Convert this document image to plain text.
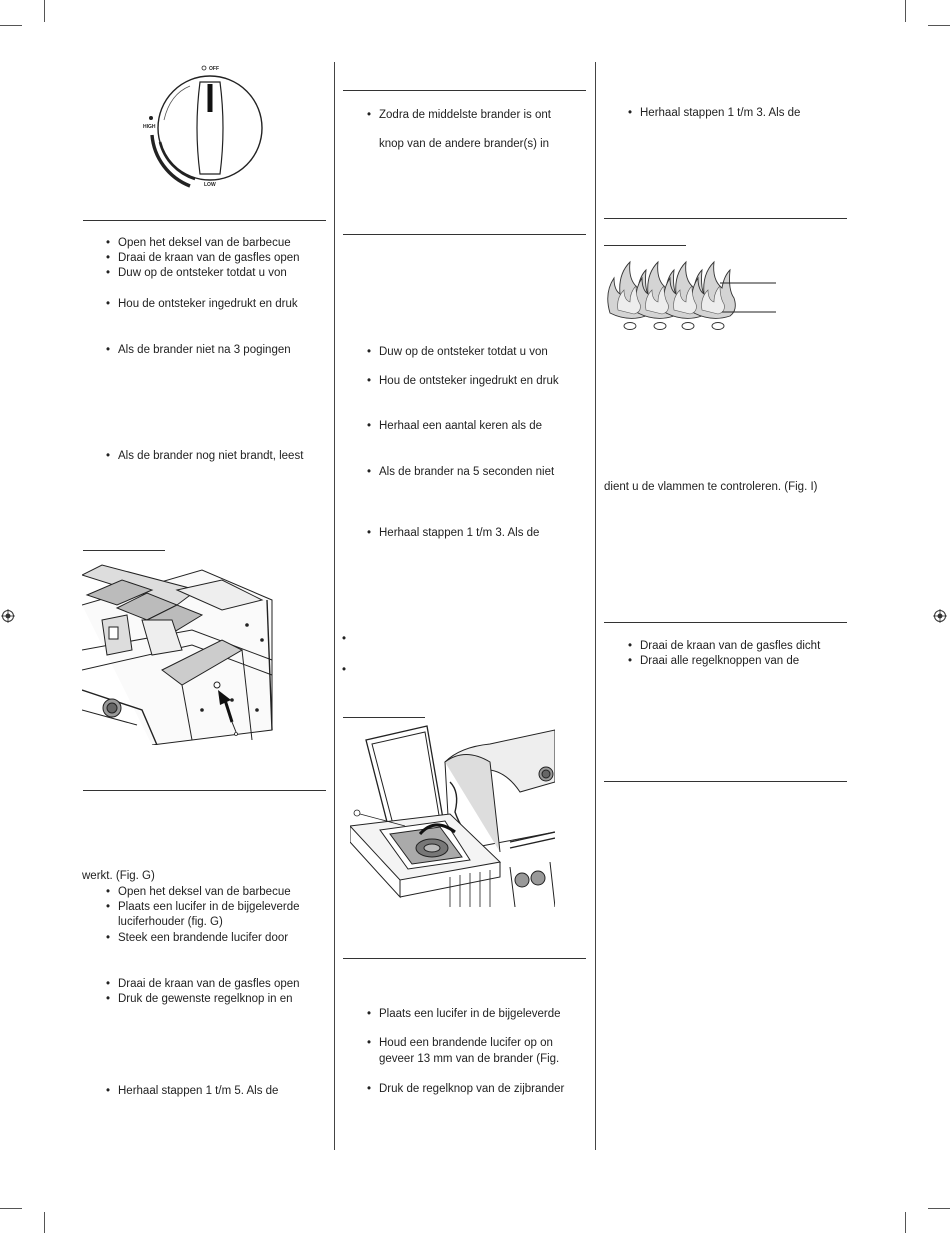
OFF
HIGH
LOW
• Open het deksel van de barbecue
• Draai de kraan van de gasfles open
• Duw op de ontsteker totdat u von
• Hou de ontsteker ingedrukt en druk
• Als de brander niet na 3 pogingen
• Als de brander nog niet brandt, leest
werkt. (Fig. G)
• Open het deksel van de barbecue
• Plaats een lucifer in de bijgeleverde
luciferhouder (fig. G)
• Steek een brandende lucifer door
• Draai de kraan van de gasfles open
• Druk de gewenste regelknop in en
• Herhaal stappen 1 t/m 5. Als de
• Zodra de middelste brander is ont
knop van de andere brander(s) in
• Duw op de ontsteker totdat u von
• Hou de ontsteker ingedrukt en druk
• Herhaal een aantal keren als de
• Als de brander na 5 seconden niet
• Herhaal stappen 1 t/m 3. Als de
•
•
• Plaats een lucifer in de bijgeleverde
• Houd een brandende lucifer op on
geveer 13 mm van de brander (Fig.
• Druk de regelknop van de zijbrander
• Herhaal stappen 1 t/m 3. Als de
dient u de vlammen te controleren. (Fig. I)
• Draai de kraan van de gasfles dicht
• Draai alle regelknoppen van de
